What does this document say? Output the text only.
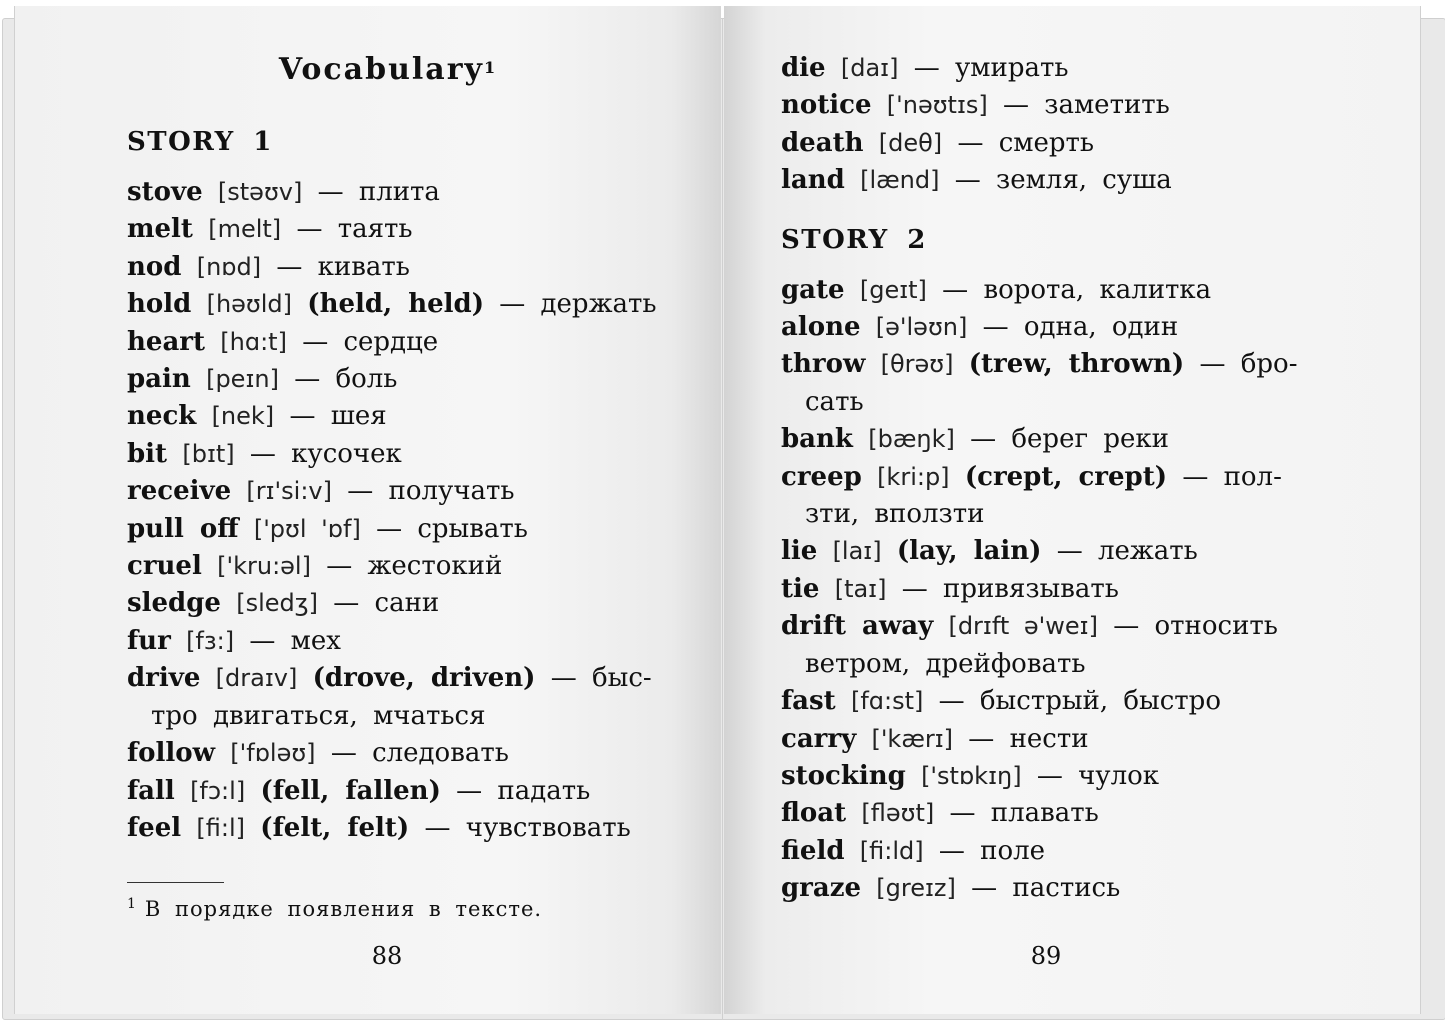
Vocabulary$^1$
STORY 1
stove [stəʊv] — плита
melt [melt] — таять
nod [nɒd] — кивать
hold [həʊld] (held, held) — держать
heart [hɑ:t] — сердце
pain [peɪn] — боль
neck [nek] — шея
bit [bɪt] — кусочек
receive [rɪ'si:v] — получать
pull off ['pʊl 'ɒf] — срывать
cruel ['kru:əl] — жестокий
sledge [sledʒ] — сани
fur [fɜ:] — мех
drive [draɪv] (drove, driven) — быс-
тро двигаться, мчаться
follow ['fɒləʊ] — следовать
fall [fɔ:l] (fell, fallen) — падать
feel [fi:l] (felt, felt) — чувствовать
$^1$ В порядке появления в тексте.
88
die [daɪ] — умирать
notice ['nəʊtɪs] — заметить
death [deθ] — смерть
land [lænd] — земля, суша
STORY 2
gate [geɪt] — ворота, калитка
alone [ə'ləʊn] — одна, один
throw [θrəʊ] (trew, thrown) — бро-
сать
bank [bæŋk] — берег реки
creep [kri:p] (crept, crept) — пол-
зти, вползти
lie [laɪ] (lay, lain) — лежать
tie [taɪ] — привязывать
drift away [drɪft ə'weɪ] — относить
ветром, дрейфовать
fast [fɑ:st] — быстрый, быстро
carry ['kærɪ] — нести
stocking ['stɒkɪŋ] — чулок
float [fləʊt] — плавать
field [fi:ld] — поле
graze [greɪz] — пастись
89
